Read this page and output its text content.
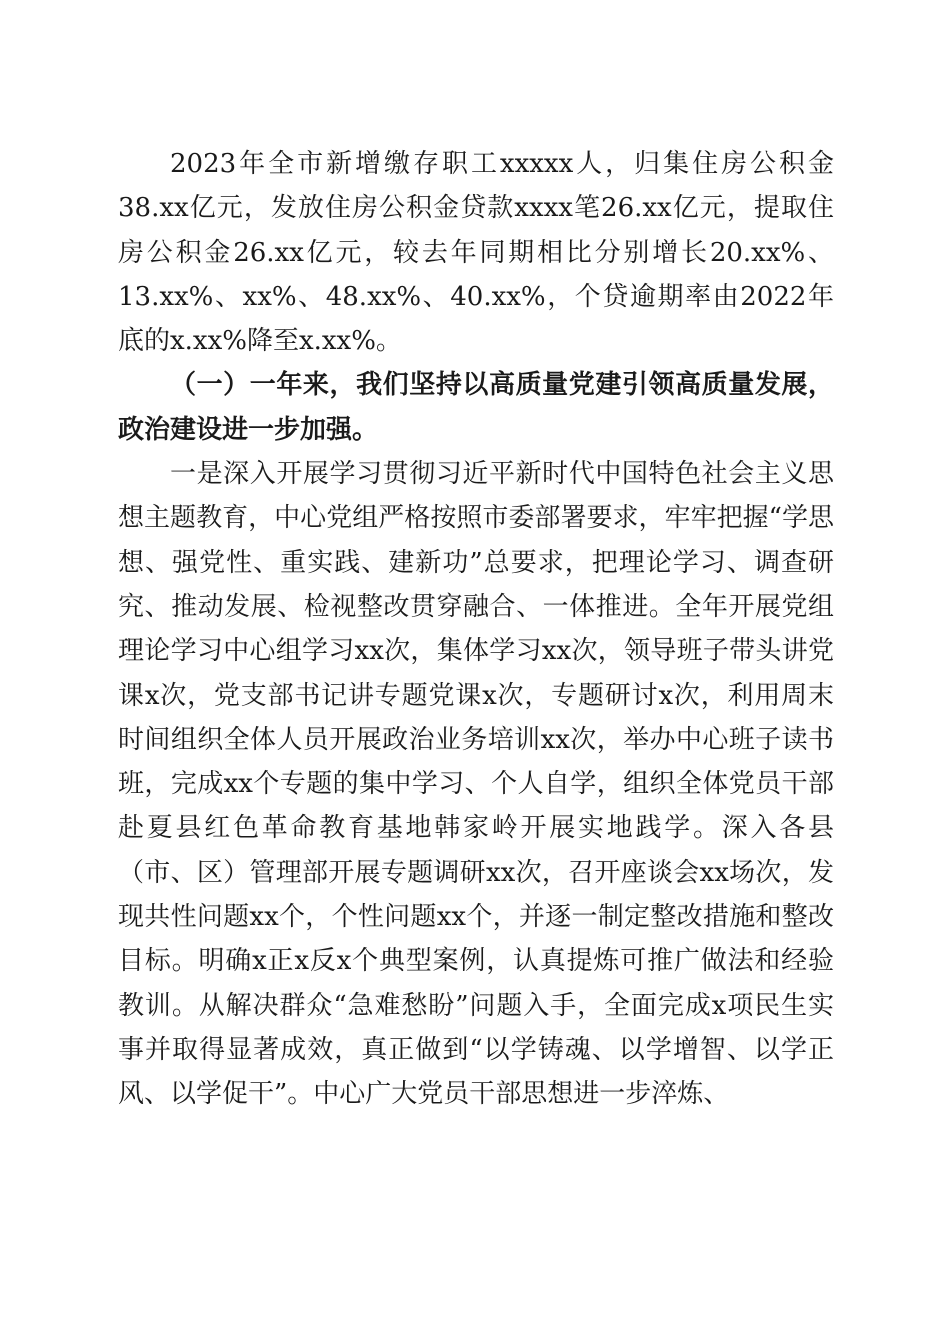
2023年全市新增缴存职工xxxxx人，归集住房公积金38.xx亿元，发放住房公积金贷款xxxx笔26.xx亿元，提取住房公积金26.xx亿元，较去年同期相比分别增长20.xx%、13.xx%、xx%、48.xx%、40.xx%，个贷逾期率由2022年底的x.xx%降至x.xx%。

（一）一年来，我们坚持以高质量党建引领高质量发展，政治建设进一步加强。

一是深入开展学习贯彻习近平新时代中国特色社会主义思想主题教育，中心党组严格按照市委部署要求，牢牢把握“学思想、强党性、重实践、建新功”总要求，把理论学习、调查研究、推动发展、检视整改贯穿融合、一体推进。全年开展党组理论学习中心组学习xx次，集体学习xx次，领导班子带头讲党课x次，党支部书记讲专题党课x次，专题研讨x次，利用周末时间组织全体人员开展政治业务培训xx次，举办中心班子读书班，完成xx个专题的集中学习、个人自学，组织全体党员干部赴夏县红色革命教育基地韩家岭开展实地践学。深入各县（市、区）管理部开展专题调研xx次，召开座谈会xx场次，发现共性问题xx个，个性问题xx个，并逐一制定整改措施和整改目标。明确x正x反x个典型案例，认真提炼可推广做法和经验教训。从解决群众“急难愁盼”问题入手，全面完成x项民生实事并取得显著成效，真正做到“以学铸魂、以学增智、以学正风、以学促干”。中心广大党员干部思想进一步淬炼、
